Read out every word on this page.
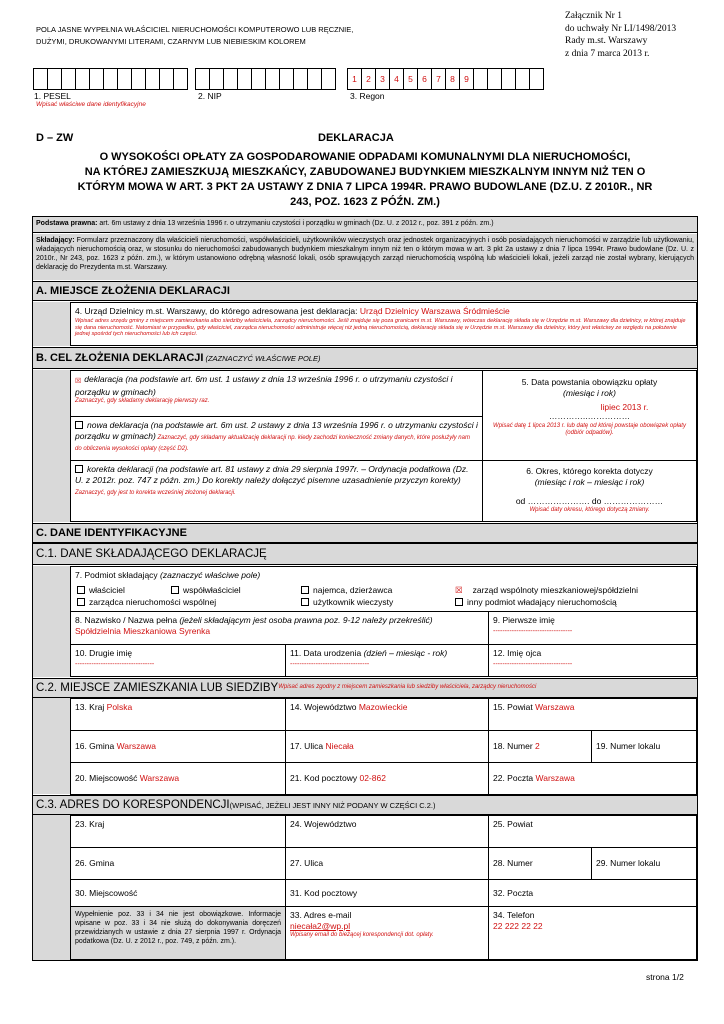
POLA JASNE WYPEŁNIA WŁAŚCICIEL NIERUCHOMOŚCI KOMPUTEROWO LUB RĘCZNIE,
DUŻYMI, DRUKOWANYMI LITERAMI, CZARNYM LUB NIEBIESKIM KOLOREM
Załącznik Nr 1
do uchwały Nr LI/1498/2013
Rady m.st. Warszawy
z dnia 7 marca 2013 r.
1. PESEL
Wpisać właściwe dane identyfikacyjne
2. NIP
1	2	3	4	5	6	7	8	9
3. Regon
D – ZW	DEKLARACJA
O WYSOKOŚCI OPŁATY ZA GOSPODAROWANIE ODPADAMI KOMUNALNYMI DLA NIERUCHOMOŚCI,
NA KTÓREJ ZAMIESZKUJĄ MIESZKAŃCY, ZABUDOWANEJ BUDYNKIEM MIESZKALNYM INNYM NIŻ TEN O
KTÓRYM MOWA W ART. 3 PKT 2A USTAWY Z DNIA 7 LIPCA 1994R. PRAWO BUDOWLANE (DZ.U. Z 2010R., NR
243, POZ. 1623 Z PÓŹN. ZM.)
Podstawa prawna: art. 6m ustawy z dnia 13 września 1996 r. o utrzymaniu czystości i porządku w gminach (Dz. U. z 2012 r., poz. 391 z późn. zm.)
Składający: Formularz przeznaczony dla właścicieli nieruchomości, współwłaścicieli, użytkowników wieczystych oraz jednostek organizacyjnych i osób posiadających nieruchomości w zarządzie lub użytkowaniu, władających nieruchomością oraz, w stosunku do nieruchomości zabudowanych budynkiem mieszkalnym innym niż ten o którym mowa w art. 3 pkt 2a ustawy z dnia 7 lipca 1994r. Prawo budowlane (Dz. U. z 2010r., Nr 243, poz. 1623 z późn. zm.), w którym ustanowiono odrębną własność lokali, osób sprawujących zarząd nieruchomością wspólną lub właścicieli lokali, jeżeli zarząd nie został wybrany, kierujących deklarację do Prezydenta m.st. Warszawy.
A. MIEJSCE ZŁOŻENIA DEKLARACJI
4. Urząd Dzielnicy m.st. Warszawy, do którego adresowana jest deklaracja: Urząd Dzielnicy Warszawa Śródmieście
Wpisać adres urzędu gminy z miejscem zamieszkania albo siedziby właściciela, zarządcy nieruchomości. Jeśli znajduje się poza granicami m.st. Warszawy, wówczas deklarację składa się w Urzędzie m.st. Warszawy dla dzielnicy, w której znajduje się dana nieruchomość. Natomiast w przypadku, gdy właściciel, zarządca nieruchomości administruje więcej niż jedną nieruchomością, deklarację składa się w Urzędzie m.st. Warszawy dla dzielnicy, który jest właściwy ze względu na położenie jednej spośród tych nieruchomości lub ich części.
B. CEL ZŁOŻENIA DEKLARACJI (ZAZNACZYĆ WŁAŚCIWE POLE)
☒ deklaracja (na podstawie art. 6m ust. 1 ustawy z dnia 13 września 1996 r. o utrzymaniu czystości i porządku w gminach)
Zaznaczyć, gdy składamy deklarację pierwszy raz.
nowa deklaracja (na podstawie art. 6m ust. 2 ustawy z dnia 13 września 1996 r. o utrzymaniu czystości i porządku w gminach) Zaznaczyć, gdy składamy aktualizację deklaracji np. kiedy zachodzi konieczność zmiany danych, które posłużyły nam do obliczenia wysokości opłaty (część D2).
korekta deklaracji (na podstawie art. 81 ustawy z dnia 29 sierpnia 1997r. – Ordynacja podatkowa (Dz. U. z 2012r. poz. 747 z późn. zm.) Do korekty należy dołączyć pisemne uzasadnienie przyczyn korekty) Zaznaczyć, gdy jest to korekta wcześniej złożonej deklaracji.
5. Data powstania obowiązku opłaty
(miesiąc i rok)
lipiec 2013 r.
…………..……………
Wpisać datę 1 lipca 2013 r. lub datę od której powstaje obowiązek opłaty (odbiór odpadów).
6. Okres, którego korekta dotyczy
(miesiąc i rok – miesiąc i rok)
od …………………. do …………………
Wpisać daty okresu, którego dotyczą zmiany.
C. DANE IDENTYFIKACYJNE
C.1. DANE SKŁADAJĄCEGO DEKLARACJĘ
7. Podmiot składający (zaznaczyć właściwe pole)
właściciel	współwłaściciel	najemca, dzierżawca	☒ zarząd wspólnoty mieszkaniowej/spółdzielni
zarządca nieruchomości wspólnej	użytkownik wieczysty	inny podmiot władający nieruchomością
8. Nazwisko / Nazwa pełna (jeżeli składającym jest osoba prawna poz. 9-12 należy przekreślić)
Spółdzielnia Mieszkaniowa Syrenka
9. Pierwsze imię
----------------------------------
10. Drugie imię
----------------------------------
11. Data urodzenia (dzień – miesiąc - rok)
----------------------------------
12. Imię ojca
----------------------------------
C.2. MIEJSCE ZAMIESZKANIA LUB SIEDZIBY Wpisać adres zgodny z miejscem zamieszkania lub siedziby właściciela, zarządcy nieruchomości
13. Kraj Polska	14. Województwo Mazowieckie	15. Powiat Warszawa
16. Gmina Warszawa	17. Ulica Niecała	18. Numer 2	19. Numer lokalu
20. Miejscowość Warszawa	21. Kod pocztowy 02-862	22. Poczta Warszawa
C.3. ADRES DO KORESPONDENCJI (WPISAĆ, JEŻELI JEST INNY NIŻ PODANY W CZĘŚCI C.2.)
23. Kraj	24. Województwo	25. Powiat
26. Gmina	27. Ulica	28. Numer	29. Numer lokalu
30. Miejscowość	31. Kod pocztowy	32. Poczta
Wypełnienie poz. 33 i 34 nie jest obowiązkowe. Informacje wpisane w poz. 33 i 34 nie służą do dokonywania doręczeń przewidzianych w ustawie z dnia 27 sierpnia 1997 r. Ordynacja podatkowa (Dz. U. z 2012 r., poz. 749, z późn. zm.).
33. Adres e-mail
niecała2@wp.pl
Wpisany email do bieżącej korespondencji dot. opłaty.
34. Telefon
22 222 22 22
strona 1/2
